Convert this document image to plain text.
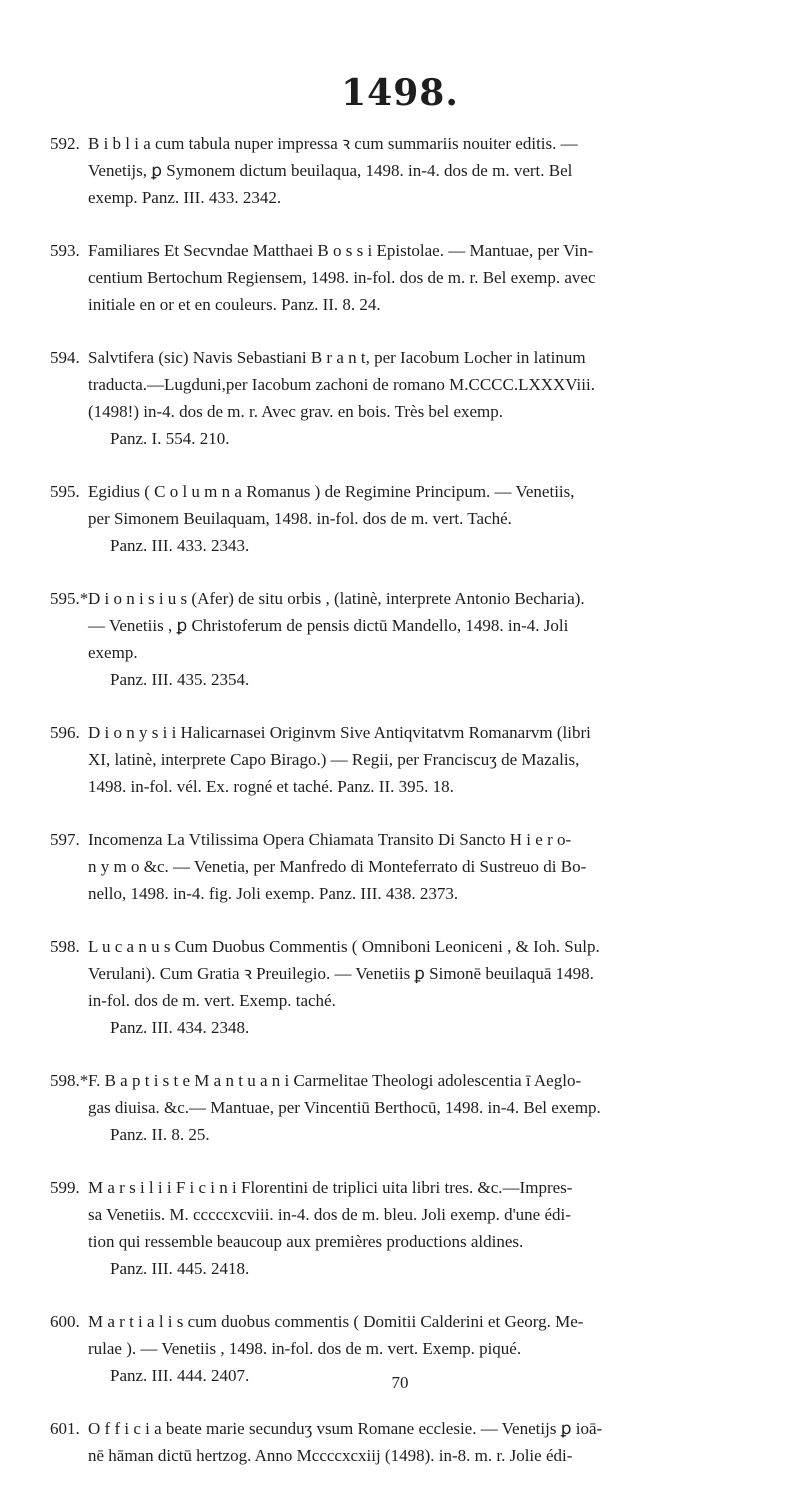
1498.
592. B i b l i a cum tabula nuper impressa ꝛ cum summariis nouiter editis. —
Venetijs, ꝑ Symonem dictum beuilaqua, 1498. in-4. dos de m. vert. Bel
exemp. Panz. III. 433. 2342.
593. Familiares Et Secvndae Matthaei B o s s i Epistolae. — Mantuae, per Vin-
centium Bertochum Regiensem, 1498. in-fol. dos de m. r. Bel exemp. avec
initiale en or et en couleurs. Panz. II. 8. 24.
594. Salvtifera (sic) Navis Sebastiani B r a n t, per Iacobum Locher in latinum
traducta.—Lugduni,per Iacobum zachoni de romano M.CCCC.LXXXViii.
(1498!) in-4. dos de m. r. Avec grav. en bois. Très bel exemp.
Panz. I. 554. 210.
595. Egidius ( C o l u m n a Romanus ) de Regimine Principum. — Venetiis,
per Simonem Beuilaquam, 1498. in-fol. dos de m. vert. Taché.
Panz. III. 433. 2343.
595.* D i o n i s i u s (Afer) de situ orbis , (latinè, interprete Antonio Becharia).
— Venetiis , ꝑ Christoferum de pensis dictū Mandello, 1498. in-4. Joli
exemp.
Panz. III. 435. 2354.
596. D i o n y s i i Halicarnasei Originvm Sive Antiqvitatvm Romanarvm (libri
XI, latinè, interprete Capo Birago.) — Regii, per Franciscuʒ de Mazalis,
1498. in-fol. vél. Ex. rogné et taché. Panz. II. 395. 18.
597. Incomenza La Vtilissima Opera Chiamata Transito Di Sancto H i e r o-
n y m o &c. — Venetia, per Manfredo di Monteferrato di Sustreuo di Bo-
nello, 1498. in-4. fig. Joli exemp. Panz. III. 438. 2373.
598. L u c a n u s Cum Duobus Commentis ( Omniboni Leoniceni , & Ioh. Sulp.
Verulani). Cum Gratia ꝛ Preuilegio. — Venetiis ꝑ Simonē beuilaquā 1498.
in-fol. dos de m. vert. Exemp. taché.
Panz. III. 434. 2348.
598.* F. B a p t i s t e M a n t u a n i Carmelitae Theologi adolescentia ī Aeglo-
gas diuisa. &c.— Mantuae, per Vincentiū Berthocū, 1498. in-4. Bel exemp.
Panz. II. 8. 25.
599. M a r s i l i i F i c i n i Florentini de triplici uita libri tres. &c.—Impres-
sa Venetiis. M. cccccxcviii. in-4. dos de m. bleu. Joli exemp. d'une édi-
tion qui ressemble beaucoup aux premières productions aldines.
Panz. III. 445. 2418.
600. M a r t i a l i s cum duobus commentis ( Domitii Calderini et Georg. Me-
rulae ). — Venetiis , 1498. in-fol. dos de m. vert. Exemp. piqué.
Panz. III. 444. 2407.
601. O f f i c i a beate marie secunduʒ vsum Romane ecclesie. — Venetijs ꝑ ioā-
nē hāman dictū hertzog. Anno Mccccxcxiij (1498). in-8. m. r. Jolie édi-
70
